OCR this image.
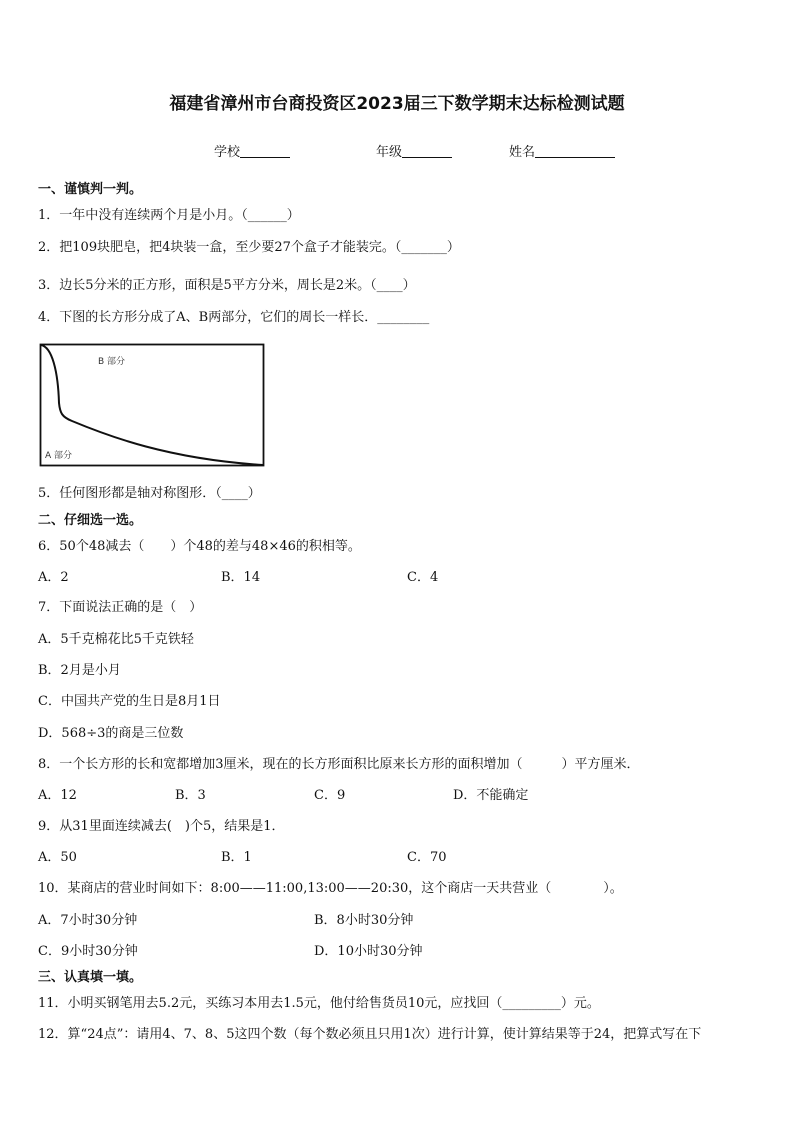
福建省漳州市台商投资区2023届三下数学期末达标检测试题
学校	年级	姓名
一、谨慎判一判。
1．一年中没有连续两个月是小月。（______）
2．把109块肥皂，把4块装一盒，至少要27个盒子才能装完。（_______）
3．边长5分米的正方形，面积是5平方分米，周长是2米。（____）
4．下图的长方形分成了A、B两部分，它们的周长一样长．________
B 部分
A 部分
5．任何图形都是轴对称图形．（____）
二、仔细选一选。
6．50个48减去（　　）个48的差与48×46的积相等。
A．2	B．14	C．4
7．下面说法正确的是（　）
A．5千克棉花比5千克铁轻
B．2月是小月
C．中国共产党的生日是8月1日
D．568÷3的商是三位数
8．一个长方形的长和宽都增加3厘米，现在的长方形面积比原来长方形的面积增加（　　　）平方厘米．
A．12	B．3	C．9	D．不能确定
9．从31里面连续减去(　)个5，结果是1．
A．50	B．1	C．70
10．某商店的营业时间如下：8:00——11:00,13:00——20:30，这个商店一天共营业（　　　　）。
A．7小时30分钟	B．8小时30分钟
C．9小时30分钟	D．10小时30分钟
三、认真填一填。
11．小明买钢笔用去5.2元，买练习本用去1.5元，他付给售货员10元，应找回（_________）元。
12．算“24点”：请用4、7、8、5这四个数（每个数必须且只用1次）进行计算，使计算结果等于24，把算式写在下
